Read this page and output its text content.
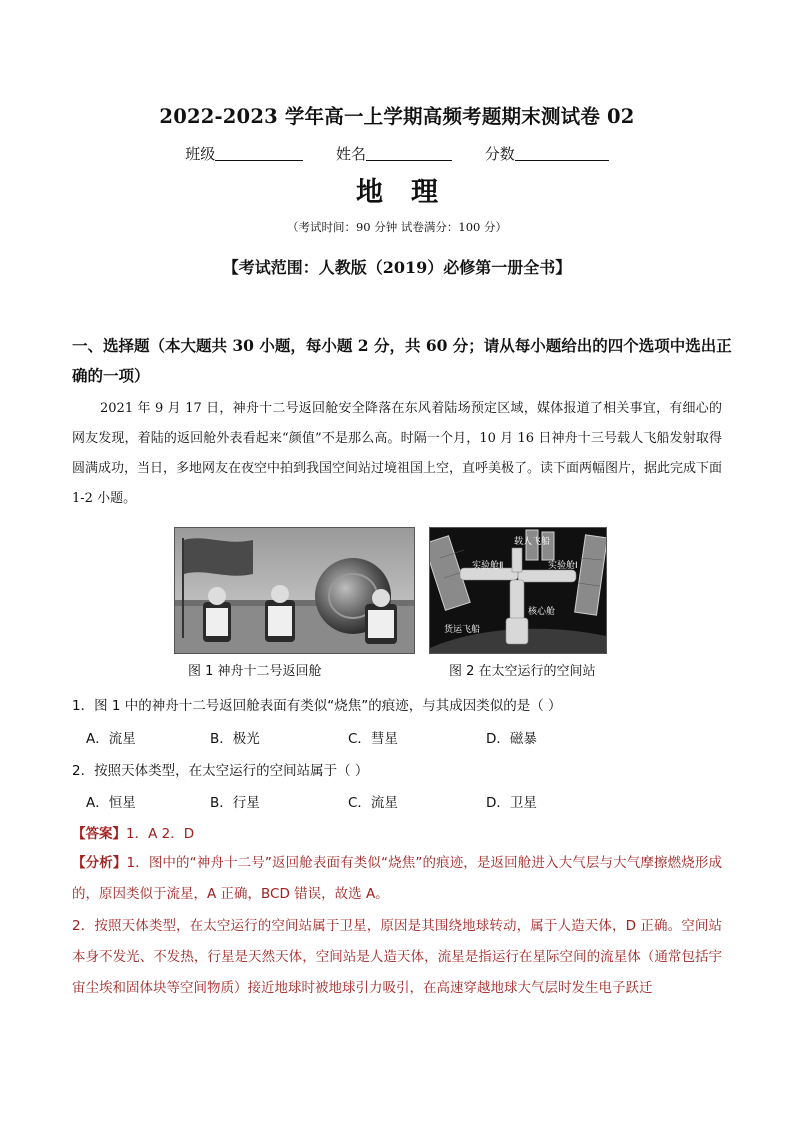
2022-2023 学年高一上学期高频考题期末测试卷 02
班级	姓名	分数
地理
（考试时间：90 分钟 试卷满分：100 分）
【考试范围：人教版（2019）必修第一册全书】
一、选择题（本大题共 30 小题，每小题 2 分，共 60 分；请从每小题给出的四个选项中选出正确的一项）
2021 年 9 月 17 日，神舟十二号返回舱安全降落在东风着陆场预定区域，媒体报道了相关事宜，有细心的网友发现，着陆的返回舱外表看起来“颜值”不是那么高。时隔一个月，10 月 16 日神舟十三号载人飞船发射取得圆满成功，当日，多地网友在夜空中拍到我国空间站过境祖国上空，直呼美极了。读下面两幅图片，据此完成下面 1-2 小题。
图 1 神舟十二号返回舱
实验舱Ⅱ
载人飞船
实验舱Ⅰ
核心舱
货运飞船
图 2 在太空运行的空间站
1．图 1 中的神舟十二号返回舱表面有类似“烧焦”的痕迹，与其成因类似的是（ ）
A．流星	B．极光	C．彗星	D．磁暴
2．按照天体类型，在太空运行的空间站属于（ ）
A．恒星	B．行星	C．流星	D．卫星
【答案】1．A 2．D
【分析】1．图中的“神舟十二号”返回舱表面有类似“烧焦”的痕迹，是返回舱进入大气层与大气摩擦燃烧形成的，原因类似于流星，A 正确，BCD 错误，故选 A。
2．按照天体类型，在太空运行的空间站属于卫星，原因是其围绕地球转动，属于人造天体，D 正确。空间站本身不发光、不发热，行星是天然天体，空间站是人造天体，流星是指运行在星际空间的流星体（通常包括宇宙尘埃和固体块等空间物质）接近地球时被地球引力吸引，在高速穿越地球大气层时发生电子跃迁
